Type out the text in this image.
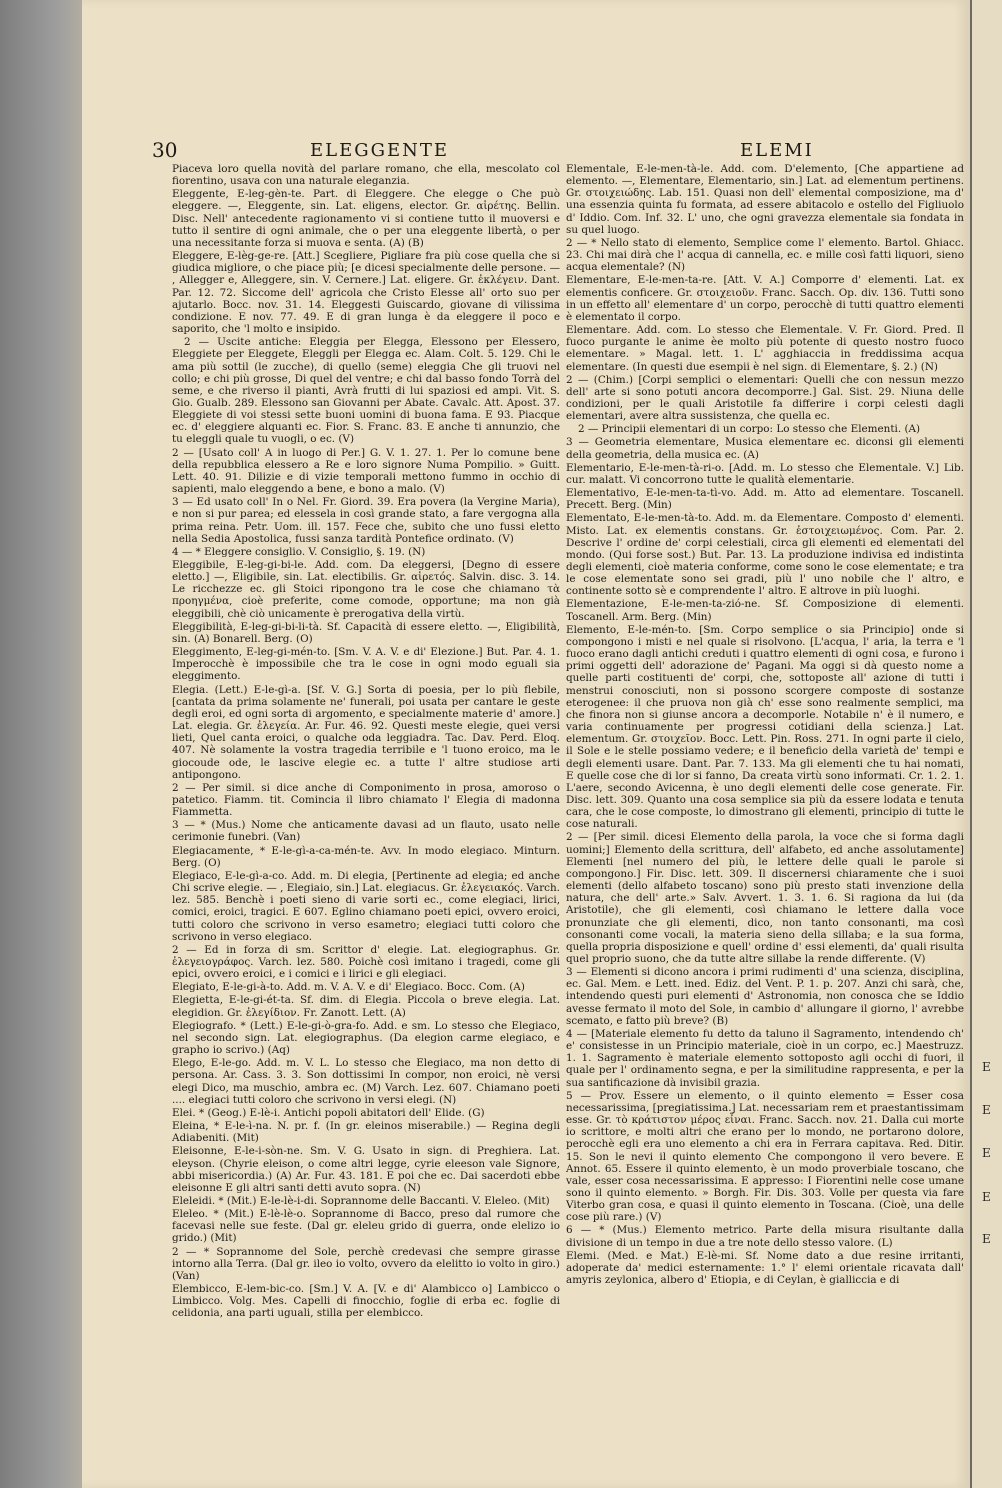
E
E
E
E
E
30	ELEGGENTE	ELEMI

Piaceva loro quella novità del parlare romano, che ella, mescolato col fiorentino, usava con una naturale eleganzia.

Eleggente, E-leg-gèn-te. Part. di Eleggere. Che elegge o Che può eleggere. —, Eleggente, sin. Lat. eligens, elector. Gr. αἱρέτης. Bellin. Disc. Nell' antecedente ragionamento vi si contiene tutto il muoversi e tutto il sentire di ogni animale, che o per una eleggente libertà, o per una necessitante forza si muova e senta. (A) (B)

Eleggere, E-lèg-ge-re. [Att.] Scegliere, Pigliare fra più cose quella che si giudica migliore, o che piace più; [e dicesi specialmente delle persone. — , Allegger e, Alleggere, sin. V. Cernere.] Lat. eligere. Gr. ἐκλέγειν. Dant. Par. 12. 72. Siccome dell' agricola che Cristo Elesse all' orto suo per ajutarlo. Bocc. nov. 31. 14. Eleggesti Guiscardo, giovane di vilissima condizione. E nov. 77. 49. E di gran lunga è da eleggere il poco e saporito, che 'l molto e insipido.

2 — Uscite antiche: Eleggia per Elegga, Elessono per Elessero, Eleggiete per Eleggete, Eleggli per Elegga ec. Alam. Colt. 5. 129. Chi le ama più sottil (le zucche), di quello (seme) eleggia Che gli truovi nel collo; e chi più grosse, Di quel del ventre; e chi dal basso fondo Torrà del seme, e che riverso il pianti, Avrà frutti di lui spaziosi ed ampi. Vit. S. Gio. Gualb. 289. Elessono san Giovanni per Abate. Cavalc. Att. Apost. 37. Eleggiete di voi stessi sette buoni uomini di buona fama. E 93. Piacque ec. d' eleggiere alquanti ec. Fior. S. Franc. 83. E anche ti annunzio, che tu eleggli quale tu vuogli, o ec. (V)

2 — [Usato coll' A in luogo di Per.] G. V. 1. 27. 1. Per lo comune bene della repubblica elessero a Re e loro signore Numa Pompilio. » Guitt. Lett. 40. 91. Dilizie e di vizie temporali mettono fummo in occhio di sapienti, malo eleggendo a bene, e bono a malo. (V)

3 — Ed usato coll' In o Nel. Fr. Giord. 39. Era povera (la Vergine Maria), e non si pur parea; ed elessela in così grande stato, a fare vergogna alla prima reina. Petr. Uom. ill. 157. Fece che, subito che uno fussi eletto nella Sedia Apostolica, fussi sanza tardità Pontefice ordinato. (V)

4 — * Eleggere consiglio. V. Consiglio, §. 19. (N)

Eleggibile, E-leg-gi-bi-le. Add. com. Da eleggersi, [Degno di essere eletto.] —, Eligibile, sin. Lat. electibilis. Gr. αἱρετός. Salvin. disc. 3. 14. Le ricchezze ec. gli Stoici ripongono tra le cose che chiamano τὰ προηγμένα, cioè preferite, come comode, opportune; ma non già eleggibili, chè ciò unicamente è prerogativa della virtù.

Eleggibilità, E-leg-gi-bi-li-tà. Sf. Capacità di essere eletto. —, Eligibilità, sin. (A) Bonarell. Berg. (O)

Eleggimento, E-leg-gi-mén-to. [Sm. V. A. V. e di' Elezione.] But. Par. 4. 1. Imperocchè è impossibile che tra le cose in ogni modo eguali sia eleggimento.

Elegia. (Lett.) E-le-gì-a. [Sf. V. G.] Sorta di poesia, per lo più flebile, [cantata da prima solamente ne' funerali, poi usata per cantare le geste degli eroi, ed ogni sorta di argomento, e specialmente materie d' amore.] Lat. elegia. Gr. ἐλεγεία. Ar. Fur. 46. 92. Questi meste elegie, quei versi lieti, Quel canta eroici, o qualche oda leggiadra. Tac. Dav. Perd. Eloq. 407. Nè solamente la vostra tragedia terribile e 'l tuono eroico, ma le giocoude ode, le lascive elegie ec. a tutte l' altre studiose arti antipongono.

2 — Per simil. si dice anche di Componimento in prosa, amoroso o patetico. Fiamm. tit. Comincia il libro chiamato l' Elegia di madonna Fiammetta.

3 — * (Mus.) Nome che anticamente davasi ad un flauto, usato nelle cerimonie funebri. (Van)

Elegiacamente, * E-le-gì-a-ca-mén-te. Avv. In modo elegiaco. Minturn. Berg. (O)

Elegiaco, E-le-gì-a-co. Add. m. Di elegia, [Pertinente ad elegia; ed anche Chi scrive elegie. — , Elegiaio, sin.] Lat. elegiacus. Gr. ἐλεγειακός. Varch. lez. 585. Benchè i poeti sieno di varie sorti ec., come elegiaci, lirici, comici, eroici, tragici. E 607. Eglino chiamano poeti epici, ovvero eroici, tutti coloro che scrivono in verso esametro; elegiaci tutti coloro che scrivono in verso elegiaco.

2 — Ed in forza di sm. Scrittor d' elegie. Lat. elegiographus. Gr. ἐλεγειογράφος. Varch. lez. 580. Poichè così imitano i tragedi, come gli epici, ovvero eroici, e i comici e i lirici e gli elegiaci.

Elegiato, E-le-gi-à-to. Add. m. V. A. V. e di' Elegiaco. Bocc. Com. (A)

Elegietta, E-le-gi-ét-ta. Sf. dim. di Elegia. Piccola o breve elegia. Lat. elegidion. Gr. ἐλεγίδιον. Fr. Zanott. Lett. (A)

Elegiografo. * (Lett.) E-le-gi-ò-gra-fo. Add. e sm. Lo stesso che Elegiaco, nel secondo sign. Lat. elegiographus. (Da elegion carme elegiaco, e grapho io scrivo.) (Aq)

Elego, E-le-go. Add. m. V. L. Lo stesso che Elegiaco, ma non detto di persona. Ar. Cass. 3. 3. Son dottissimi In compor, non eroici, nè versi elegi Dico, ma muschio, ambra ec. (M) Varch. Lez. 607. Chiamano poeti .... elegiaci tutti coloro che scrivono in versi elegi. (N)

Elei. * (Geog.) E-lè-i. Antichi popoli abitatori dell' Elide. (G)

Eleina, * E-le-ì-na. N. pr. f. (In gr. eleinos miserabile.) — Regina degli Adiabeniti. (Mit)

Eleisonne, E-le-i-sòn-ne. Sm. V. G. Usato in sign. di Preghiera. Lat. eleyson. (Chyrie eleison, o come altri legge, cyrie eleeson vale Signore, abbi misericordia.) (A) Ar. Fur. 43. 181. E poi che ec. Dai sacerdoti ebbe eleisonne E gli altri santi detti avuto sopra. (N)

Eleleidi. * (Mit.) E-le-lè-i-di. Soprannome delle Baccanti. V. Eleleo. (Mit)

Eleleo. * (Mit.) E-lè-lè-o. Soprannome di Bacco, preso dal rumore che facevasi nelle sue feste. (Dal gr. eleleu grido di guerra, onde elelizo io grido.) (Mit)

2 — * Soprannome del Sole, perchè credevasi che sempre girasse intorno alla Terra. (Dal gr. ileo io volto, ovvero da elelitto io volto in giro.) (Van)

Elembicco, E-lem-bic-co. [Sm.] V. A. [V. e di' Alambicco o] Lambicco o Limbicco. Volg. Mes. Capelli di finocchio, foglie di erba ec. foglie di celidonia, ana parti uguali, stilla per elembicco.

Elementale, E-le-men-tà-le. Add. com. D'elemento, [Che appartiene ad elemento. —, Elementare, Elementario, sin.] Lat. ad elementum pertinens. Gr. στοιχειώδης. Lab. 151. Quasi non dell' elemental composizione, ma d' una essenzia quinta fu formata, ad essere abitacolo e ostello del Figliuolo d' Iddio. Com. Inf. 32. L' uno, che ogni gravezza elementale sia fondata in su quel luogo.

2 — * Nello stato di elemento, Semplice come l' elemento. Bartol. Ghiacc. 23. Chi mai dirà che l' acqua di cannella, ec. e mille così fatti liquori, sieno acqua elementale? (N)

Elementare, E-le-men-ta-re. [Att. V. A.] Comporre d' elementi. Lat. ex elementis conficere. Gr. στοιχειοῦν. Franc. Sacch. Op. div. 136. Tutti sono in un effetto all' elementare d' un corpo, perocchè di tutti quattro elementi è elementato il corpo.

Elementare. Add. com. Lo stesso che Elementale. V. Fr. Giord. Pred. Il fuoco purgante le anime èe molto più potente di questo nostro fuoco elementare. » Magal. lett. 1. L' agghiaccia in freddissima acqua elementare. (In questi due esempii è nel sign. di Elementare, §. 2.) (N)

2 — (Chim.) [Corpi semplici o elementari: Quelli che con nessun mezzo dell' arte si sono potuti ancora decomporre.] Gal. Sist. 29. Niuna delle condizioni, per le quali Aristotile fa differire i corpi celesti dagli elementari, avere altra sussistenza, che quella ec.

2 — Principii elementari di un corpo: Lo stesso che Elementi. (A)

3 — Geometria elementare, Musica elementare ec. diconsi gli elementi della geometria, della musica ec. (A)

Elementario, E-le-men-tà-ri-o. [Add. m. Lo stesso che Elementale. V.] Lib. cur. malatt. Vi concorrono tutte le qualità elementarie.

Elementativo, E-le-men-ta-tì-vo. Add. m. Atto ad elementare. Toscanell. Precett. Berg. (Min)

Elementato, E-le-men-tà-to. Add. m. da Elementare. Composto d' elementi. Misto. Lat. ex elementis constans. Gr. ἐστοιχειωμένος. Com. Par. 2. Descrive l' ordine de' corpi celestiali, circa gli elementi ed elementati del mondo. (Qui forse sost.) But. Par. 13. La produzione indivisa ed indistinta degli elementi, cioè materia conforme, come sono le cose elementate; e tra le cose elementate sono sei gradi, più l' uno nobile che l' altro, e continente sotto sè e comprendente l' altro. E altrove in più luoghi.

Elementazione, E-le-men-ta-zió-ne. Sf. Composizione di elementi. Toscanell. Arm. Berg. (Min)

Elemento, E-le-mén-to. [Sm. Corpo semplice o sia Principio] onde si compongono i misti e nel quale si risolvono. [L'acqua, l' aria, la terra e 'l fuoco erano dagli antichi creduti i quattro elementi di ogni cosa, e furono i primi oggetti dell' adorazione de' Pagani. Ma oggi si dà questo nome a quelle parti costituenti de' corpi, che, sottoposte all' azione di tutti i menstrui conosciuti, non si possono scorgere composte di sostanze eterogenee: il che pruova non già ch' esse sono realmente semplici, ma che finora non si giunse ancora a decomporle. Notabile n' è il numero, e varia continuamente per progressi cotidiani della scienza.] Lat. elementum. Gr. στοιχεῖον. Bocc. Lett. Pin. Ross. 271. In ogni parte il cielo, il Sole e le stelle possiamo vedere; e il beneficio della varietà de' tempi e degli elementi usare. Dant. Par. 7. 133. Ma gli elementi che tu hai nomati, E quelle cose che di lor si fanno, Da creata virtù sono informati. Cr. 1. 2. 1. L'aere, secondo Avicenna, è uno degli elementi delle cose generate. Fir. Disc. lett. 309. Quanto una cosa semplice sia più da essere lodata e tenuta cara, che le cose composte, lo dimostrano gli elementi, principio di tutte le cose naturali.

2 — [Per simil. dicesi Elemento della parola, la voce che si forma dagli uomini;] Elemento della scrittura, dell' alfabeto, ed anche assolutamente] Elementi [nel numero del più, le lettere delle quali le parole si compongono.] Fir. Disc. lett. 309. Il discernersi chiaramente che i suoi elementi (dello alfabeto toscano) sono più presto stati invenzione della natura, che dell' arte.» Salv. Avvert. 1. 3. 1. 6. Si ragiona da lui (da Aristotile), che gli elementi, così chiamano le lettere dalla voce pronunziate che gli elementi, dico, non tanto consonanti, ma così consonanti come vocali, la materia sieno della sillaba; e la sua forma, quella propria disposizione e quell' ordine d' essi elementi, da' quali risulta quel proprio suono, che da tutte altre sillabe la rende differente. (V)

3 — Elementi si dicono ancora i primi rudimenti d' una scienza, disciplina, ec. Gal. Mem. e Lett. ined. Ediz. del Vent. P. 1. p. 207. Anzi chi sarà, che, intendendo questi puri elementi d' Astronomia, non conosca che se Iddio avesse fermato il moto del Sole, in cambio d' allungare il giorno, l' avrebbe scemato, e fatto più breve? (B)

4 — [Materiale elemento fu detto da taluno il Sagramento, intendendo ch' e' consistesse in un Principio materiale, cioè in un corpo, ec.] Maestruzz. 1. 1. Sagramento è materiale elemento sottoposto agli occhi di fuori, il quale per l' ordinamento segna, e per la similitudine rappresenta, e per la sua santificazione dà invisibil grazia.

5 — Prov. Essere un elemento, o il quinto elemento = Esser cosa necessarissima, [pregiatissima.] Lat. necessariam rem et praestantissimam esse. Gr. τὸ κράτιστον μέρος εἶναι. Franc. Sacch. nov. 21. Dalla cui morte io scrittore, e molti altri che erano per lo mondo, ne portarono dolore, perocchè egli era uno elemento a chi era in Ferrara capitava. Red. Ditir. 15. Son le nevi il quinto elemento Che compongono il vero bevere. E Annot. 65. Essere il quinto elemento, è un modo proverbiale toscano, che vale, esser cosa necessarissima. E appresso: I Fiorentini nelle cose umane sono il quinto elemento. » Borgh. Fir. Dis. 303. Volle per questa via fare Viterbo gran cosa, e quasi il quinto elemento in Toscana. (Cioè, una delle cose più rare.) (V)

6 — * (Mus.) Elemento metrico. Parte della misura risultante dalla divisione di un tempo in due a tre note dello stesso valore. (L)

Elemi. (Med. e Mat.) E-lè-mi. Sf. Nome dato a due resine irritanti, adoperate da' medici esternamente: 1.° l' elemi orientale ricavata dall' amyris zeylonica, albero d' Etiopia, e di Ceylan, è gialliccia e di
